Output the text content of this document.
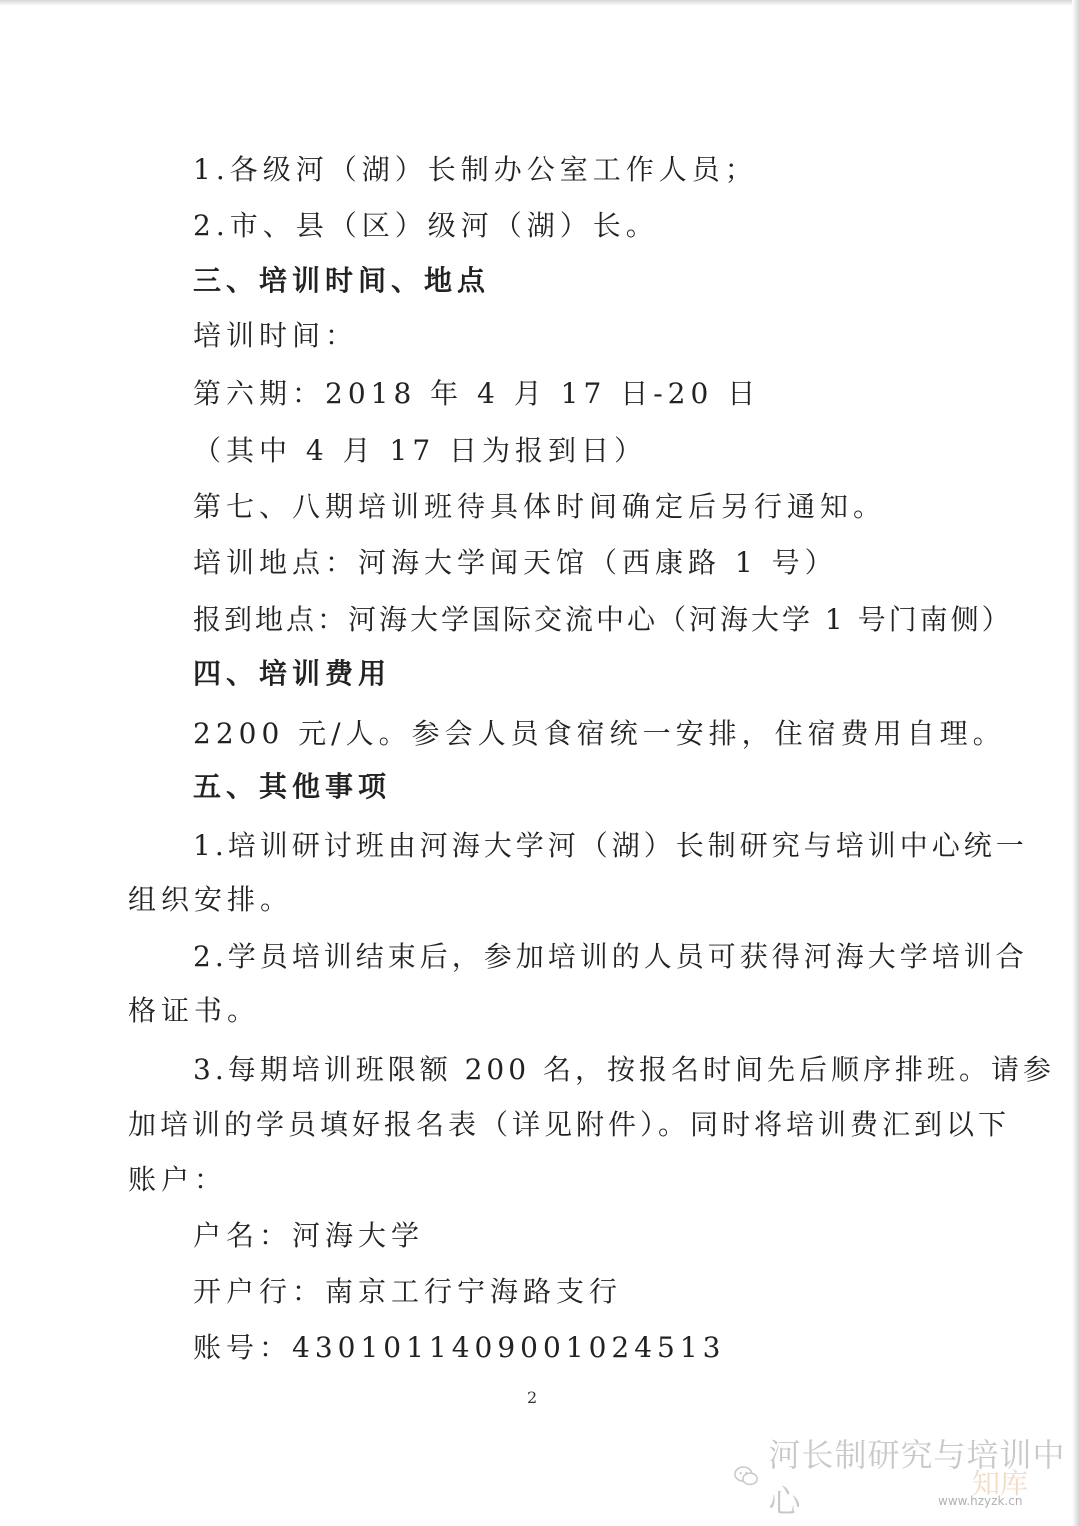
1.各级河（湖）长制办公室工作人员；
2.市、县（区）级河（湖）长。
三、培训时间、地点
培训时间：
第六期：2018 年 4 月 17 日-20 日
（其中 4 月 17 日为报到日）
第七、八期培训班待具体时间确定后另行通知。
培训地点：河海大学闻天馆（西康路 1 号）
报到地点：河海大学国际交流中心（河海大学 1 号门南侧）
四、培训费用
2200 元/人。参会人员食宿统一安排，住宿费用自理。
五、其他事项
1.培训研讨班由河海大学河（湖）长制研究与培训中心统一
组织安排。
2.学员培训结束后，参加培训的人员可获得河海大学培训合
格证书。
3.每期培训班限额 200 名，按报名时间先后顺序排班。请参
加培训的学员填好报名表（详见附件）。同时将培训费汇到以下
账户：
户名：河海大学
开户行：南京工行宁海路支行
账号：43010114090010245​13
2
河长制研究与培训中心	知库
www.hzyzk.cn
